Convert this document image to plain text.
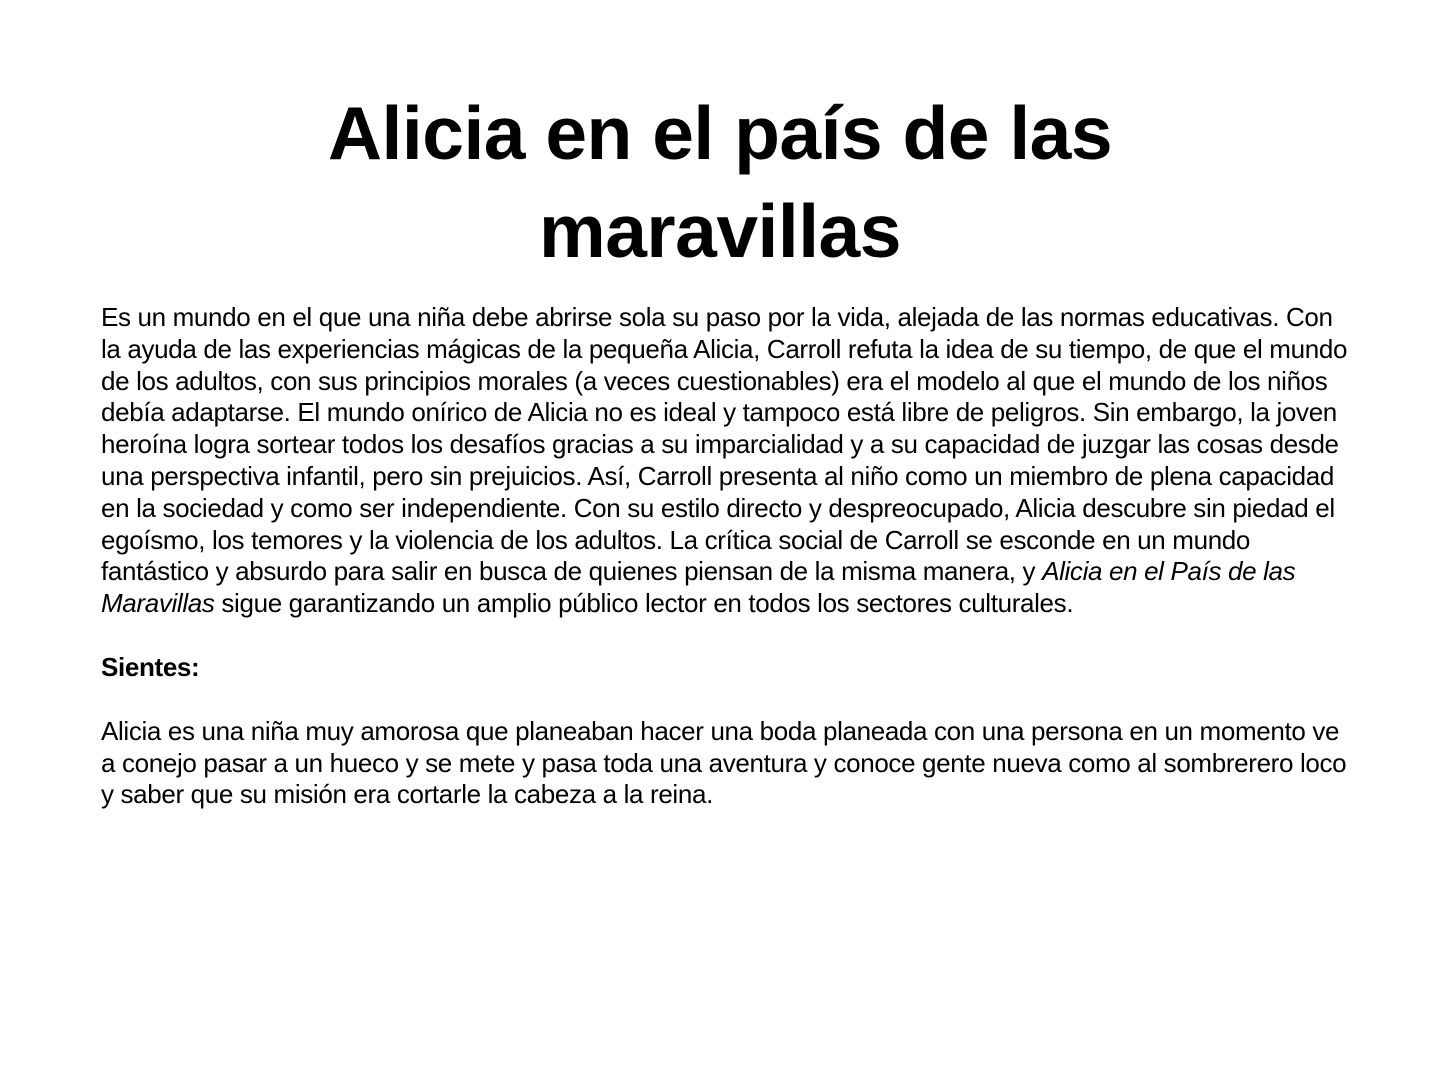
Alicia en el país de las maravillas

Es un mundo en el que una niña debe abrirse sola su paso por la vida, alejada de las normas educativas. Con la ayuda de las experiencias mágicas de la pequeña Alicia, Carroll refuta la idea de su tiempo, de que el mundo de los adultos, con sus principios morales (a veces cuestionables) era el modelo al que el mundo de los niños debía adaptarse. El mundo onírico de Alicia no es ideal y tampoco está libre de peligros. Sin embargo, la joven heroína logra sortear todos los desafíos gracias a su imparcialidad y a su capacidad de juzgar las cosas desde una perspectiva infantil, pero sin prejuicios. Así, Carroll presenta al niño como un miembro de plena capacidad en la sociedad y como ser independiente. Con su estilo directo y despreocupado, Alicia descubre sin piedad el egoísmo, los temores y la violencia de los adultos. La crítica social de Carroll se esconde en un mundo fantástico y absurdo para salir en busca de quienes piensan de la misma manera, y Alicia en el País de las Maravillas sigue garantizando un amplio público lector en todos los sectores culturales.

Sientes:

Alicia es una niña muy amorosa que planeaban hacer una boda planeada con una persona en un momento ve a conejo pasar a un hueco y se mete y pasa toda una aventura y conoce gente nueva como al sombrerero loco y saber que su misión era cortarle la cabeza a la reina.
